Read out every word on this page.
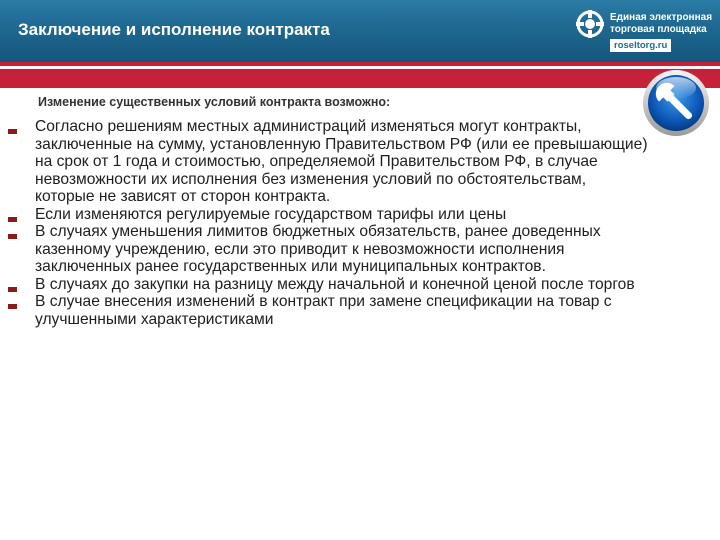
Заключение и исполнение контракта
Единая электронная
торговая площадка
roseltorg.ru
Изменение существенных условий контракта возможно:
Согласно решениям местных администраций изменяться могут контракты, заключенные на сумму, установленную Правительством РФ (или ее превышающие) на срок от 1 года и стоимостью, определяемой Правительством РФ, в случае невозможности их исполнения без изменения условий по обстоятельствам, которые не зависят от сторон контракта.
Если изменяются регулируемые государством тарифы или цены
В случаях уменьшения лимитов бюджетных обязательств, ранее доведенных казенному учреждению, если это приводит к невозможности исполнения заключенных ранее государственных или муниципальных контрактов.
В случаях до закупки на разницу между начальной и конечной ценой после торгов
В случае внесения изменений в контракт при замене спецификации на товар с улучшенными характеристиками
